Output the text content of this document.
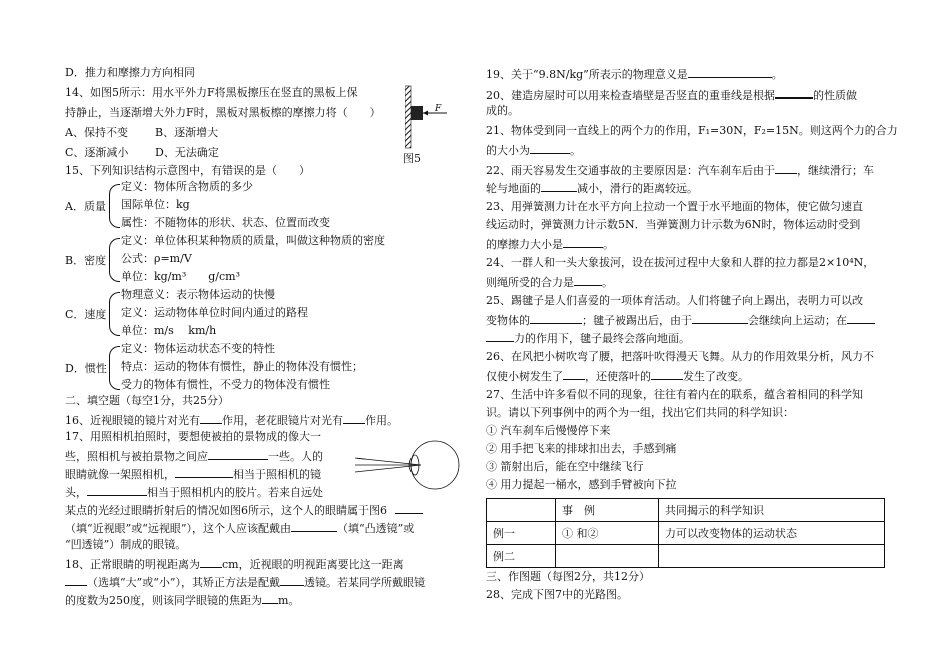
D．推力和摩擦力方向相同
14、如图5所示：用水平外力F将黑板擦压在竖直的黑板上保
持静止，当逐渐增大外力F时，黑板对黑板檫的摩擦力将（　　）
A、保持不变 B、逐渐增大
C、逐渐减小 D、无法确定
F
图5
15、下列知识结构示意图中，有错误的是（　　）
A．质量
定义：物体所含物质的多少
国际单位：kg
属性：不随物体的形状、状态、位置而改变
B．密度
定义：单位体积某种物质的质量，叫做这种物质的密度
公式：ρ=m/V
单位：kg/m³　　g/cm³
C．速度
物理意义：表示物体运动的快慢
定义：运动物体单位时间内通过的路程
单位：m/s　 km/h
D．惯性
定义：物体运动状态不变的特性
特点：运动的物体有惯性，静止的物体没有惯性；
受力的物体有惯性，不受力的物体没有惯性
二、填空题（每空1分，共25分）
16、近视眼镜的镜片对光有 作用，老花眼镜片对光有 作用。
17、用照相机拍照时，要想使被拍的景物成的像大一
些，照相机与被拍景物之间应	一些。人的
眼睛就像一架照相机，	相当于照相机的镜
头，	相当于照相机内的胶片。若来自远处
某点的光经过眼睛折射后的情况如图6所示，这个人的眼睛属于图6
（填“近视眼”或“远视眼”），这个人应该配戴由	（填“凸透镜”或
“凹透镜”）制成的眼镜。
18、正常眼睛的明视距离为 cm，近视眼的明视距离要比这一距离
（选填“大”或“小”），其矫正方法是配戴 透镜。若某同学所戴眼镜
的度数为250度，则该同学眼镜的焦距为 m。
19、关于“9.8N/kg”所表示的物理意义是	。
20、建造房屋时可以用来检查墙壁是否竖直的重垂线是根据	的性质做
成的。
21、物体受到同一直线上的两个力的作用，F₁=30N，F₂=15N。则这两个力的合力
的大小为	。
22、雨天容易发生交通事故的主要原因是：汽车刹车后由于 ，继续滑行；车
轮与地面的	减小，滑行的距离较远。
23、用弹簧测力计在水平方向上拉动一个置于水平地面的物体，使它做匀速直
线运动时，弹簧测力计示数5N．当弹簧测力计示数为6N时，物体运动时受到
的摩擦力大小是	。
24、一群人和一头大象拔河，设在拔河过程中大象和人群的拉力都是2×10⁴N，
则绳所受的合力是	。
25、踢毽子是人们喜爱的一项体育活动。人们将毽子向上踢出，表明力可以改
变物体的	；毽子被踢出后，由于	会继续向上运动；在
力的作用下，毽子最终会落向地面。
26、在风把小树吹弯了腰，把落叶吹得漫天飞舞。从力的作用效果分析，风力不
仅使小树发生了 ，还使落叶的	发生了改变。
27、生活中许多看似不同的现象，往往有着内在的联系，蕴含着相同的科学知
识。请以下列事例中的两个为一组，找出它们共同的科学知识：
① 汽车刹车后慢慢停下来
② 用手把飞来的排球扣出去，手感到痛
③ 箭射出后，能在空中继续飞行
④ 用力提起一桶水，感到手臂被向下拉
	事　例	共同揭示的科学知识
例一	① 和②	力可以改变物体的运动状态
例二		
三、作图题（每图2分，共12分）
28、完成下图7中的光路图。
